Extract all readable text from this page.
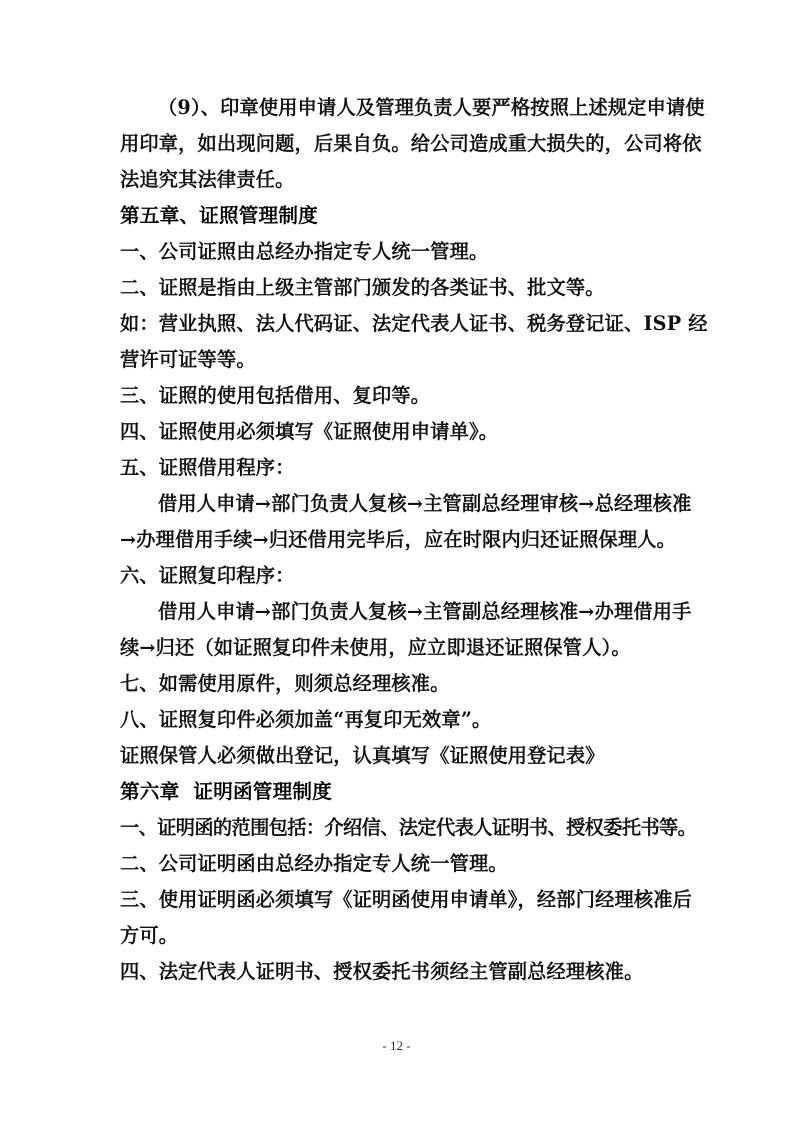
（9）、印章使用申请人及管理负责人要严格按照上述规定申请使
用印章，如出现问题，后果自负。给公司造成重大损失的，公司将依
法追究其法律责任。
第五章、证照管理制度
一、公司证照由总经办指定专人统一管理。
二、证照是指由上级主管部门颁发的各类证书、批文等。
如：营业执照、法人代码证、法定代表人证书、税务登记证、ISP 经
营许可证等等。
三、证照的使用包括借用、复印等。
四、证照使用必须填写《证照使用申请单》。
五、证照借用程序：
借用人申请→部门负责人复核→主管副总经理审核→总经理核准
→办理借用手续→归还借用完毕后，应在时限内归还证照保理人。
六、证照复印程序：
借用人申请→部门负责人复核→主管副总经理核准→办理借用手
续→归还（如证照复印件未使用，应立即退还证照保管人）。
七、如需使用原件，则须总经理核准。
八、证照复印件必须加盖“再复印无效章”。
证照保管人必须做出登记，认真填写《证照使用登记表》
第六章  证明函管理制度
一、证明函的范围包括：介绍信、法定代表人证明书、授权委托书等。
二、公司证明函由总经办指定专人统一管理。
三、使用证明函必须填写《证明函使用申请单》，经部门经理核准后
方可。
四、法定代表人证明书、授权委托书须经主管副总经理核准。
- 12 -
